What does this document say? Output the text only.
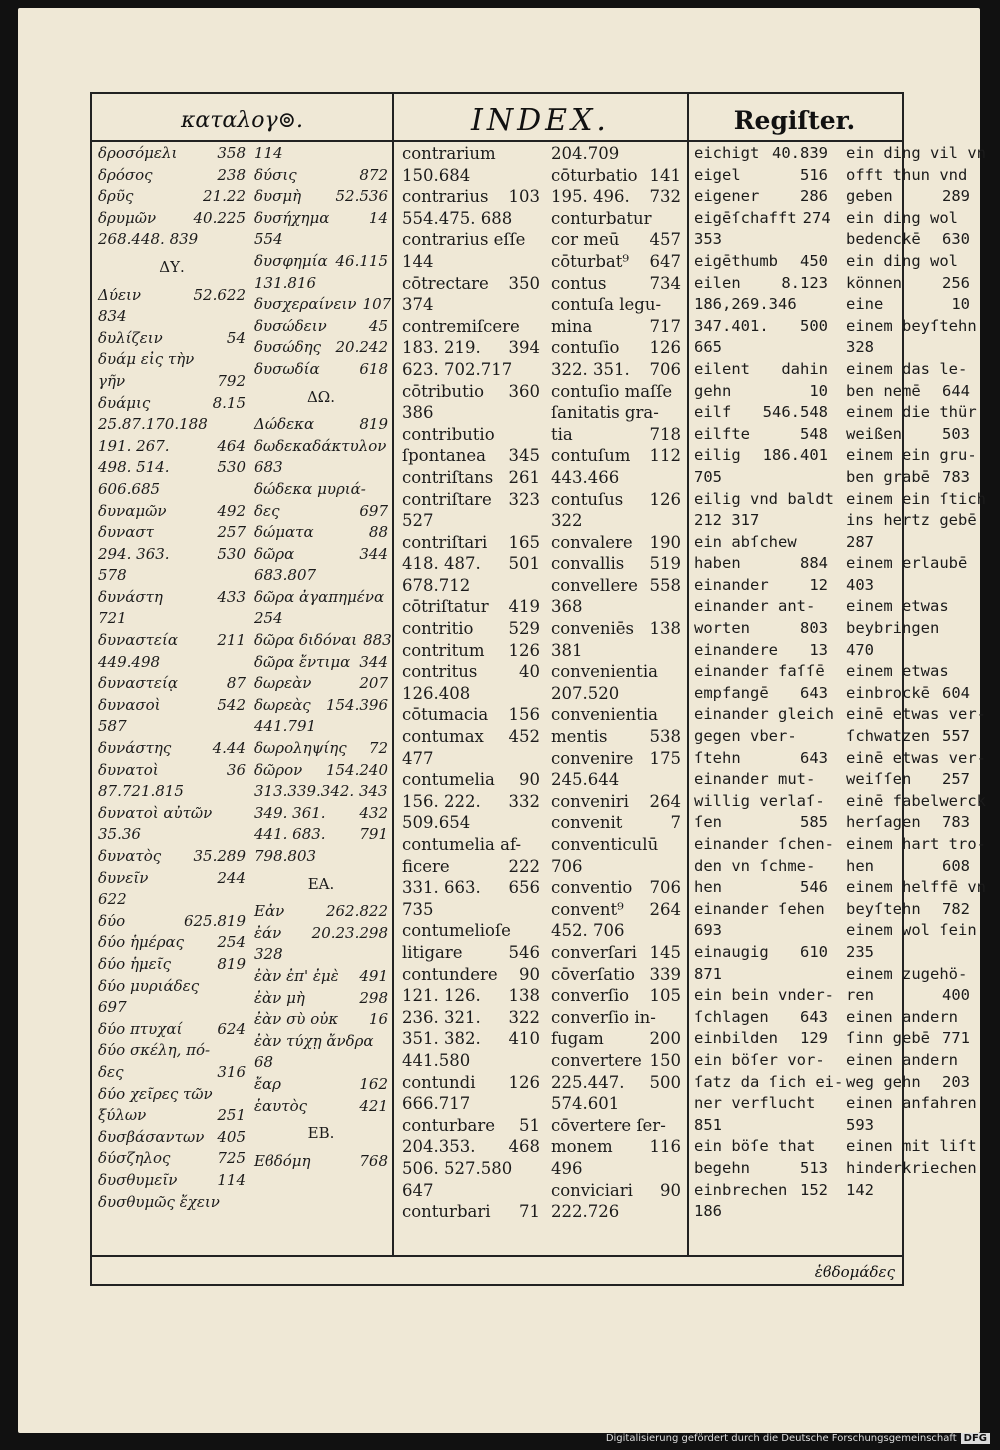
καταλογ⊚.	INDEX.	Regiſter.
δροσόμελι	358
δρόσος	238
δρῦς	21.22
δρυμῶν 40.225
268.448. 839
ΔΥ.
Δύειν	52.622
834
δυλίζειν	54
δυάμ εἰς τὴν
γῆν	792
δυάμις	8.15
25.87.170.188
191. 267.	464
498. 514.	530
606.685
δυναμῶν	492
δυναστ	257
294. 363.	530
578
δυνάστη	433
721
δυναστεία	211
449.498
δυναστείᾳ	87
δυνασοὶ	542
587
δυνάστης	4.44
δυνατοὶ	36
87.721.815
δυνατοὶ αὐτῶν
35.36
δυνατὸς 35.289
δυνεῖν	244
622
δύο	625.819
δύο ἡμέρας 254
δύο ἡμεῖς	819
δύο μυριάδες
697
δύο πτυχαί 624
δύο σκέλη, πό-
δες	316
δύο χεῖρες τῶν
ξύλων	251
δυσβάσαντων 405
δύσζηλος	725
δυσθυμεῖν	114
δυσθυμῶς ἔχειν
114
δύσις	872
δυσμὴ 52.536
δυσήχημα	14
554
δυσφημία 46.115
131.816
δυσχεραίνειν 107
δυσώδειν	45
δυσώδης 20.242
δυσωδία	618
ΔΩ.
Δώδεκα	819
δωδεκαδάκτυλον
683
δώδεκα μυριά-
δες	697
δώματα	88
δῶρα	344
683.807
δῶρα ἀγαπημένα
254
δῶρα διδόναι 883
δῶρα ἔντιμα 344
δωρεὰν	207
δωρεὰς 154.396
441.791
δωροληψίης 72
δῶρον 154.240
313.339.342. 343
349. 361. 432
441. 683. 791
798.803
ΕΑ.
Εἀν	262.822
ἐάν 20.23.298
328
ἐὰν ἐπ' ἐμὲ 491
ἐὰν μὴ	298
ἐὰν σὺ οὐκ 16
ἐὰν τύχῃ ἄνδρα
68
ἔαρ	162
ἑαυτὸς	421
ΕΒ.
Εϐδόμη	768
contrarium
150.684
contrarius 103
554.475. 688
contrarius eſſe
144
cōtrectare 350
374
contremiſcere
183. 219. 394
623. 702.717
cōtributio 360
386
contributio
ſpontanea 345
contriſtans 261
contriſtare 323
527
contriſtari 165
418. 487. 501
678.712
cōtriſtatur 419
contritio 529
contritum 126
contritus	40
126.408
cōtumacia 156
contumax 452
477
contumelia 90
156. 222. 332
509.654
contumelia af-
ficere	222
331. 663. 656
735
contumelioſe
litigare	546
contundere 90
121. 126. 138
236. 321. 322
351. 382. 410
441.580
contundi 126
666.717
conturbare 51
204.353. 468
506. 527.580
647
conturbari 71
204.709
cōturbatio 141
195. 496. 732
conturbatur
cor meū 457
cōturbat⁹ 647
contus	734
contuſa legu-
mina	717
contuſio 126
322. 351. 706
contuſio maſſe
ſanitatis gra-
tia	718
contuſum 112
443.466
contuſus 126
322
convalere 190
convallis 519
convellere 558
368
conveniēs 138
381
convenientia
207.520
convenientia
mentis	538
convenire 175
245.644
conveniri 264
convenit	7
conventiculū
706
conventio 706
convent⁹ 264
452. 706
converſari 145
cōverſatio 339
converſio 105
converſio in-
fugam	200
convertere 150
225.447. 500
574.601
cōvertere ſer-
monem 116
496
conviciari 90
222.726
eichigt 40.839
eigel	516
eigener	286
eigēſchafft 274
353
eigēthumb 450
eilen	8.123
186,269.346
347.401. 500
665
eilent dahin
gehn	10
eilf 546.548
eilfte	548
eilig 186.401
705
eilig vnd baldt
212 317
ein abſchew
haben	884
einander	12
einander ant-
worten	803
einandere 13
einander faſſē
empfangē 643
einander gleich
gegen vber-
ſtehn	643
einander mut-
willig verlaſ-
ſen	585
einander ſchen-
den vn ſchme-
hen	546
einander ſehen
693
einaugig 610
871
ein bein vnder-
ſchlagen 643
einbilden 129
ein böſer vor-
ſatz da ſich ei-
ner verflucht
851
ein böſe that
begehn	513
einbrechen 152
186
ein ding vil vn
offt thun vnd
geben	289
ein ding wol
bedenckē 630
ein ding wol
können	256
eine	10
einem beyſtehn
328
einem das le-
ben nemē 644
einem die thür
weißen	503
einem ein gru-
ben grabē 783
einem ein ſtich
ins hertz gebē
287
einem erlaubē
403
einem etwas
beybringen
470
einem etwas
einbrockē 604
einē etwas ver-
ſchwatzen 557
einē etwas ver-
weiſſen 257
einē fabelwerck
herſagen 783
einem hart tro-
hen	608
einem helffē vn
beyſtehn 782
einem wol ſein
235
einem zugehö-
ren	400
einen andern
ſinn gebē 771
einen andern
weg gehn 203
einen anfahren
593
einen mit liſt
hinderkriechen
142
ἑϐδομάδες
Digitalisierung gefördert durch die Deutsche Forschungsgemeinschaft DFG
